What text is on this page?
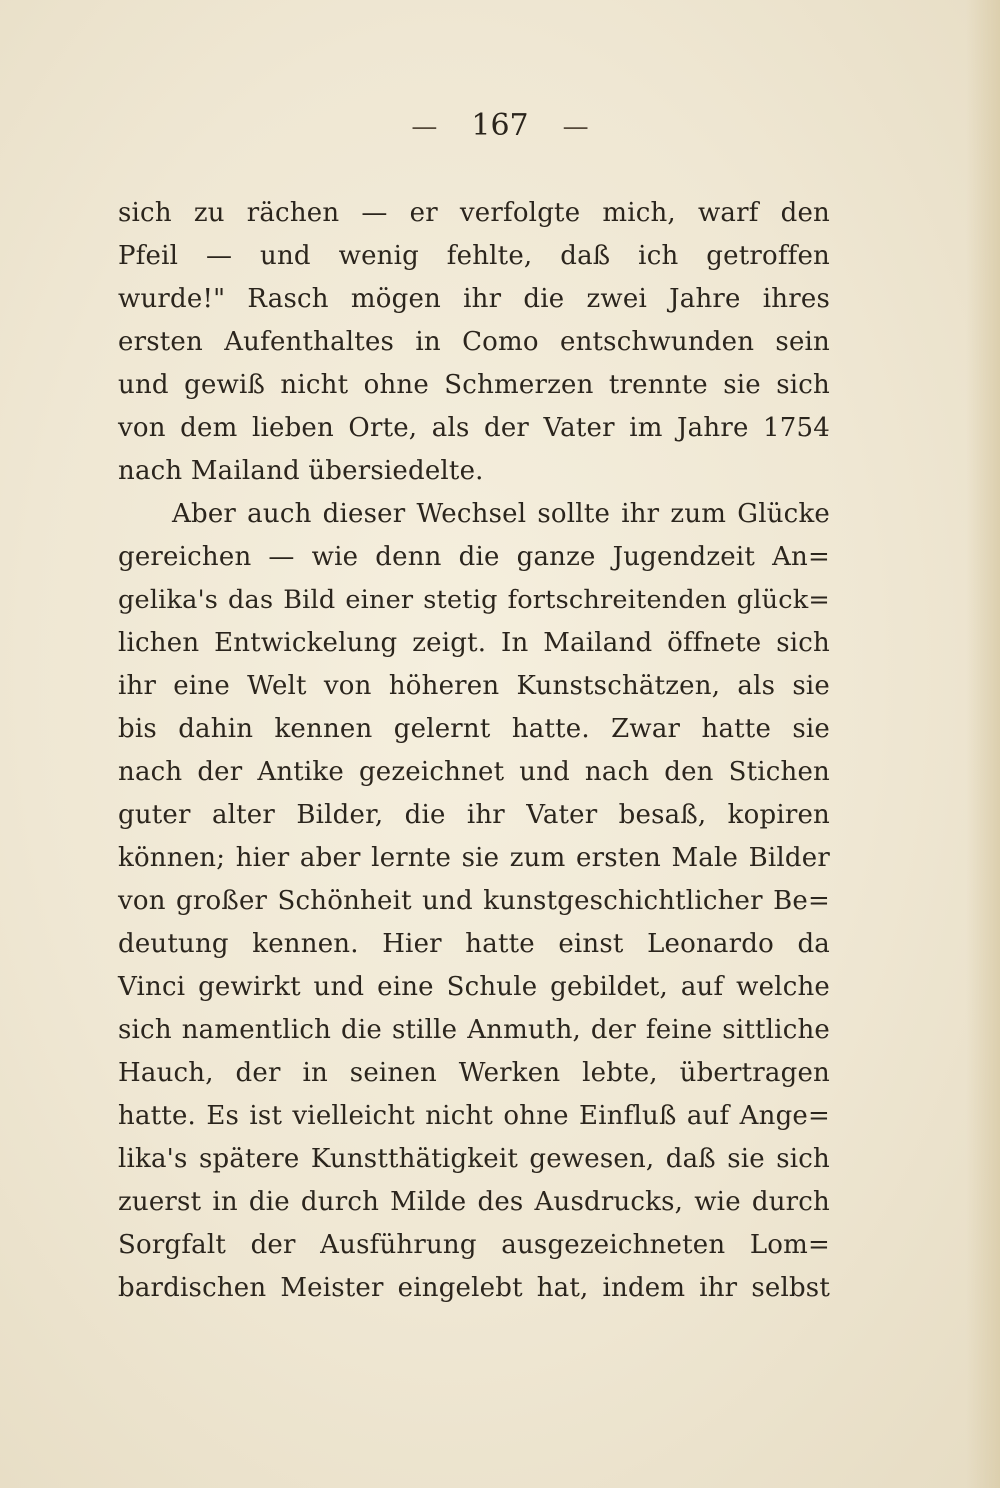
— 167 —
sich zu rächen — er verfolgte mich, warf den
Pfeil — und wenig fehlte, daß ich getroffen
wurde!" Rasch mögen ihr die zwei Jahre ihres
ersten Aufenthaltes in Como entschwunden sein
und gewiß nicht ohne Schmerzen trennte sie sich
von dem lieben Orte, als der Vater im Jahre 1754
nach Mailand übersiedelte.
Aber auch dieser Wechsel sollte ihr zum Glücke
gereichen — wie denn die ganze Jugendzeit An=
gelika's das Bild einer stetig fortschreitenden glück=
lichen Entwickelung zeigt. In Mailand öffnete sich
ihr eine Welt von höheren Kunstschätzen, als sie
bis dahin kennen gelernt hatte. Zwar hatte sie
nach der Antike gezeichnet und nach den Stichen
guter alter Bilder, die ihr Vater besaß, kopiren
können; hier aber lernte sie zum ersten Male Bilder
von großer Schönheit und kunstgeschichtlicher Be=
deutung kennen. Hier hatte einst Leonardo da
Vinci gewirkt und eine Schule gebildet, auf welche
sich namentlich die stille Anmuth, der feine sittliche
Hauch, der in seinen Werken lebte, übertragen
hatte. Es ist vielleicht nicht ohne Einfluß auf Ange=
lika's spätere Kunstthätigkeit gewesen, daß sie sich
zuerst in die durch Milde des Ausdrucks, wie durch
Sorgfalt der Ausführung ausgezeichneten Lom=
bardischen Meister eingelebt hat, indem ihr selbst
